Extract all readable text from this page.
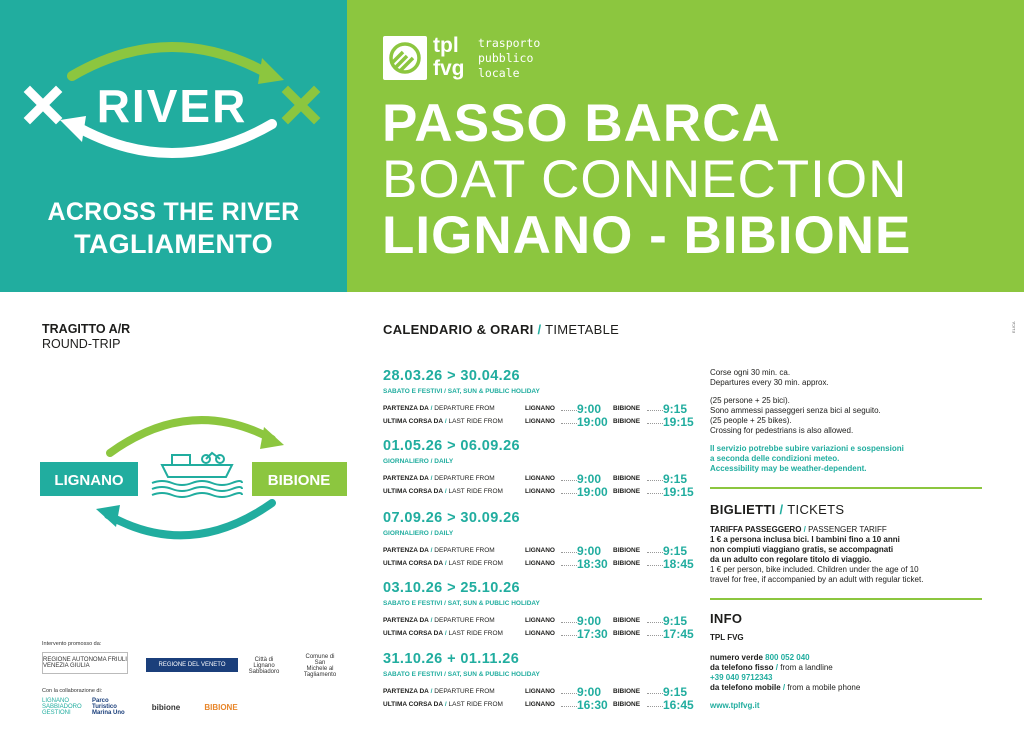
RIVER
ACROSS THE RIVER
TAGLIAMENTO
tpl
fvg
trasporto
pubblico
locale
PASSO BARCA
BOAT CONNECTION
LIGNANO - BIBIONE
TRAGITTO A/R
ROUND-TRIP
LIGNANO	BIBIONE
Intervento promosso da:
REGIONE AUTONOMA FRIULI VENEZIA GIULIA	REGIONE DEL VENETO
Città di Lignano Sabbiadoro
Comune di San Michele al Tagliamento
Con la collaborazione di:
LIGNANO SABBIADORO GESTIONI
Parco Turistico Marina Uno
bibione	BIBIONE
CALENDARIO & ORARI / TIMETABLE
28.03.26 > 30.04.26
SABATO E FESTIVI / SAT, SUN & PUBLIC HOLIDAY
PARTENZA DA / DEPARTURE FROM	LIGNANO 9:00 BIBIONE 9:15
ULTIMA CORSA DA / LAST RIDE FROM	LIGNANO 19:00 BIBIONE 19:15
01.05.26 > 06.09.26
GIORNALIERO / DAILY
PARTENZA DA / DEPARTURE FROM	LIGNANO 9:00 BIBIONE 9:15
ULTIMA CORSA DA / LAST RIDE FROM	LIGNANO 19:00 BIBIONE 19:15
07.09.26 > 30.09.26
GIORNALIERO / DAILY
PARTENZA DA / DEPARTURE FROM	LIGNANO 9:00 BIBIONE 9:15
ULTIMA CORSA DA / LAST RIDE FROM	LIGNANO 18:30 BIBIONE 18:45
03.10.26 > 25.10.26
SABATO E FESTIVI / SAT, SUN & PUBLIC HOLIDAY
PARTENZA DA / DEPARTURE FROM	LIGNANO 9:00 BIBIONE 9:15
ULTIMA CORSA DA / LAST RIDE FROM	LIGNANO 17:30 BIBIONE 17:45
31.10.26 + 01.11.26
SABATO E FESTIVI / SAT, SUN & PUBLIC HOLIDAY
PARTENZA DA / DEPARTURE FROM	LIGNANO 9:00 BIBIONE 9:15
ULTIMA CORSA DA / LAST RIDE FROM	LIGNANO 16:30 BIBIONE 16:45
Corse ogni 30 min. ca.
Departures every 30 min. approx.
(25 persone + 25 bici).
Sono ammessi passeggeri senza bici al seguito.
(25 people + 25 bikes).
Crossing for pedestrians is also allowed.
Il servizio potrebbe subire variazioni e sospensioni
a seconda delle condizioni meteo.
Accessibility may be weather-dependent.
BIGLIETTI / TICKETS
TARIFFA PASSEGGERO / PASSENGER TARIFF
1 € a persona inclusa bici. I bambini fino a 10 anni
non compiuti viaggiano gratis, se accompagnati
da un adulto con regolare titolo di viaggio.
1 € per person, bike included. Children under the age of 10
travel for free, if accompanied by an adult with regular ticket.
INFO
TPL FVG
numero verde 800 052 040
da telefono fisso / from a landline
+39 040 9712343
da telefono mobile / from a mobile phone
www.tplfvg.it
ELICA
